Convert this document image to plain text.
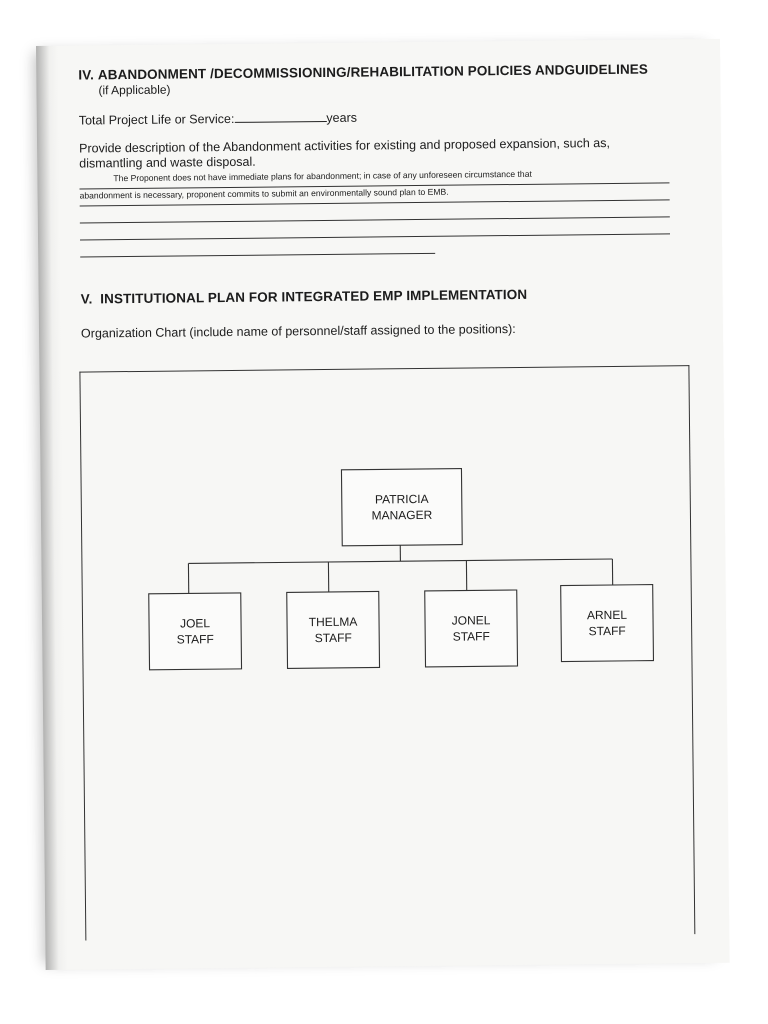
IV. ABANDONMENT /DECOMMISSIONING/REHABILITATION POLICIES ANDGUIDELINES
(if Applicable)
Total Project Life or Service:	years
Provide description of the Abandonment activities for existing and proposed expansion, such as, dismantling and waste disposal.
The Proponent does not have immediate plans for abandonment; in case of any unforeseen circumstance that
abandonment is necessary, proponent commits to submit an environmentally sound plan to EMB.
V. INSTITUTIONAL PLAN FOR INTEGRATED EMP IMPLEMENTATION
Organization Chart (include name of personnel/staff assigned to the positions):
PATRICIA
MANAGER
JOEL
STAFF
THELMA
STAFF
JONEL
STAFF
ARNEL
STAFF
